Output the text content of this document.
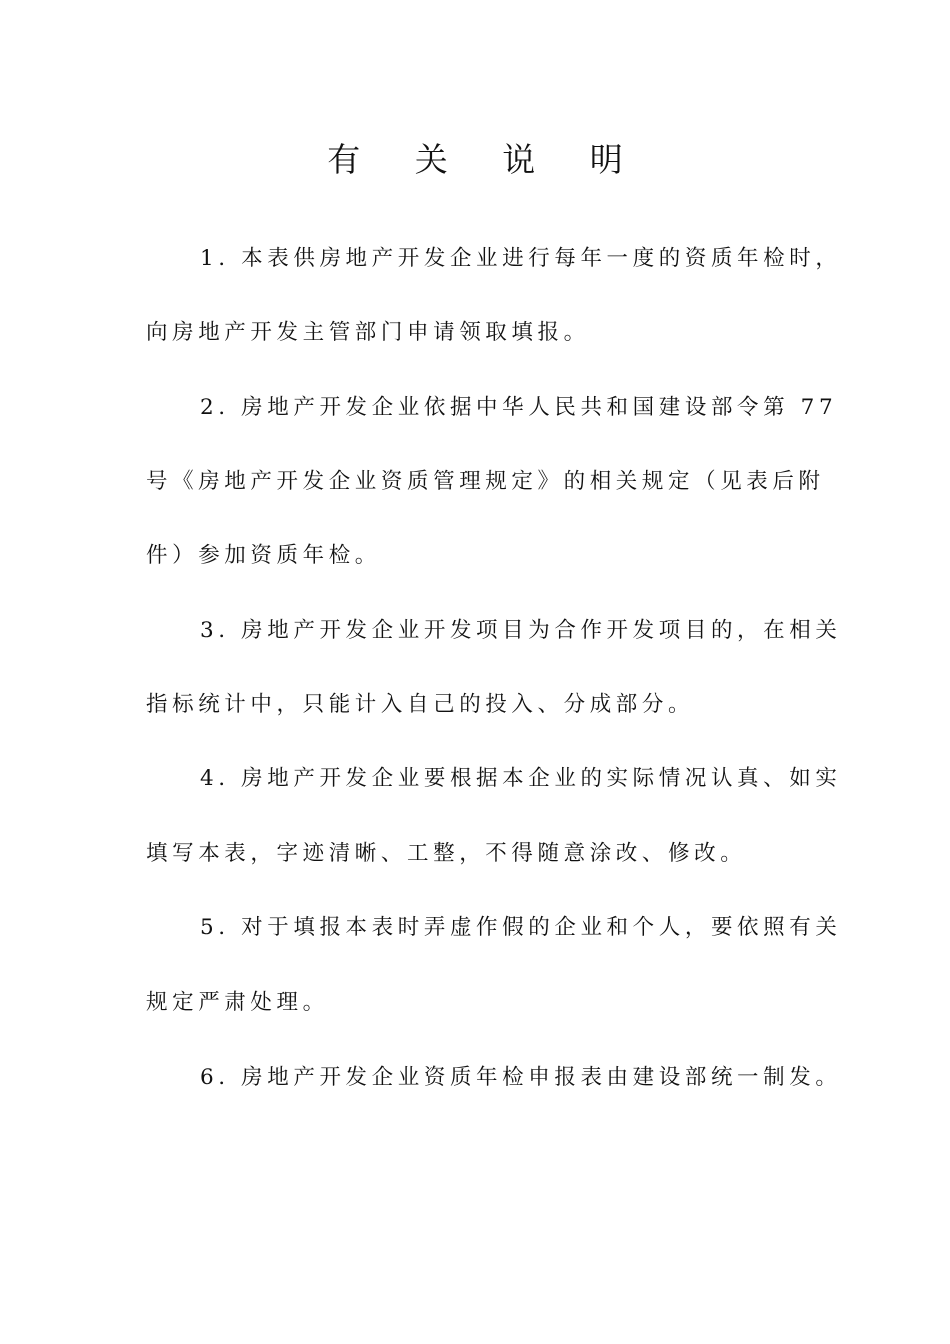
有 关 说 明
1. 本表供房地产开发企业进行每年一度的资质年检时，
向房地产开发主管部门申请领取填报。
2. 房地产开发企业依据中华人民共和国建设部令第 77
号《房地产开发企业资质管理规定》的相关规定（见表后附
件）参加资质年检。
3. 房地产开发企业开发项目为合作开发项目的，在相关
指标统计中，只能计入自己的投入、分成部分。
4. 房地产开发企业要根据本企业的实际情况认真、如实
填写本表，字迹清晰、工整，不得随意涂改、修改。
5. 对于填报本表时弄虚作假的企业和个人，要依照有关
规定严肃处理。
6. 房地产开发企业资质年检申报表由建设部统一制发。
